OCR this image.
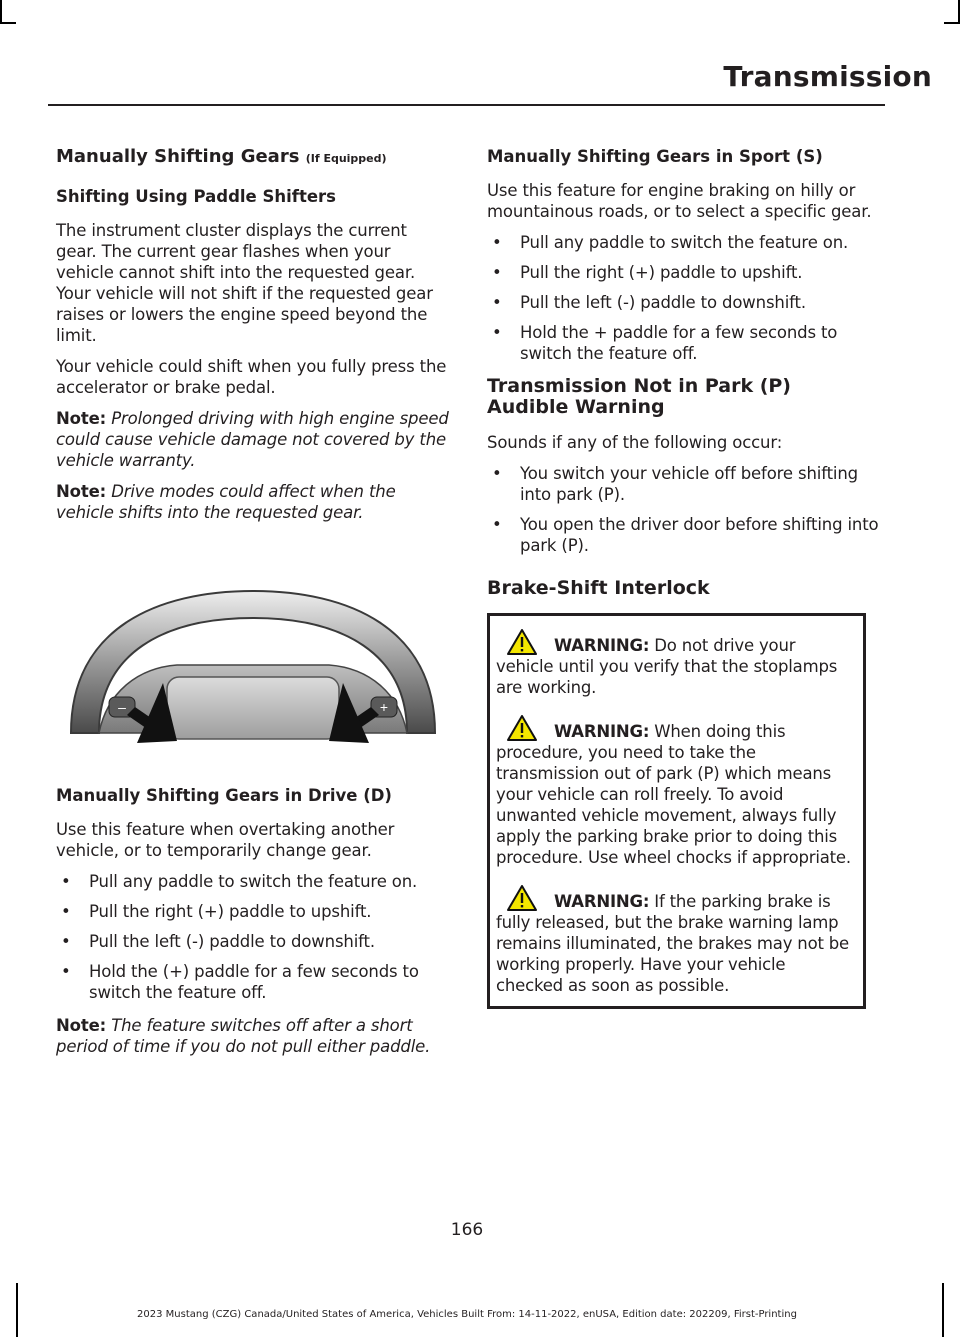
Transmission
Manually Shifting Gears (If Equipped)
Shifting Using Paddle Shifters

The instrument cluster displays the current gear. The current gear flashes when your vehicle cannot shift into the requested gear. Your vehicle will not shift if the requested gear raises or lowers the engine speed beyond the limit.

Your vehicle could shift when you fully press the accelerator or brake pedal.

Note: Prolonged driving with high engine speed could cause vehicle damage not covered by the vehicle warranty.

Note: Drive modes could affect when the vehicle shifts into the requested gear.

–	+
Manually Shifting Gears in Drive (D)

Use this feature when overtaking another vehicle, or to temporarily change gear.

• Pull any paddle to switch the feature on.
• Pull the right (+) paddle to upshift.
• Pull the left (-) paddle to downshift.
• Hold the (+) paddle for a few seconds to switch the feature off.

Note: The feature switches off after a short period of time if you do not pull either paddle.

Manually Shifting Gears in Sport (S)

Use this feature for engine braking on hilly or mountainous roads, or to select a specific gear.

• Pull any paddle to switch the feature on.
• Pull the right (+) paddle to upshift.
• Pull the left (-) paddle to downshift.
• Hold the + paddle for a few seconds to switch the feature off.
Transmission Not in Park (P)
Audible Warning

Sounds if any of the following occur:

• You switch your vehicle off before shifting into park (P).
• You open the driver door before shifting into park (P).
Brake-Shift Interlock

WARNING: Do not drive your vehicle until you verify that the stoplamps are working.

WARNING: When doing this procedure, you need to take the transmission out of park (P) which means your vehicle can roll freely. To avoid unwanted vehicle movement, always fully apply the parking brake prior to doing this procedure. Use wheel chocks if appropriate.

WARNING: If the parking brake is fully released, but the brake warning lamp remains illuminated, the brakes may not be working properly. Have your vehicle checked as soon as possible.

166
2023 Mustang (CZG) Canada/United States of America, Vehicles Built From: 14-11-2022, enUSA, Edition date: 202209, First-Printing
